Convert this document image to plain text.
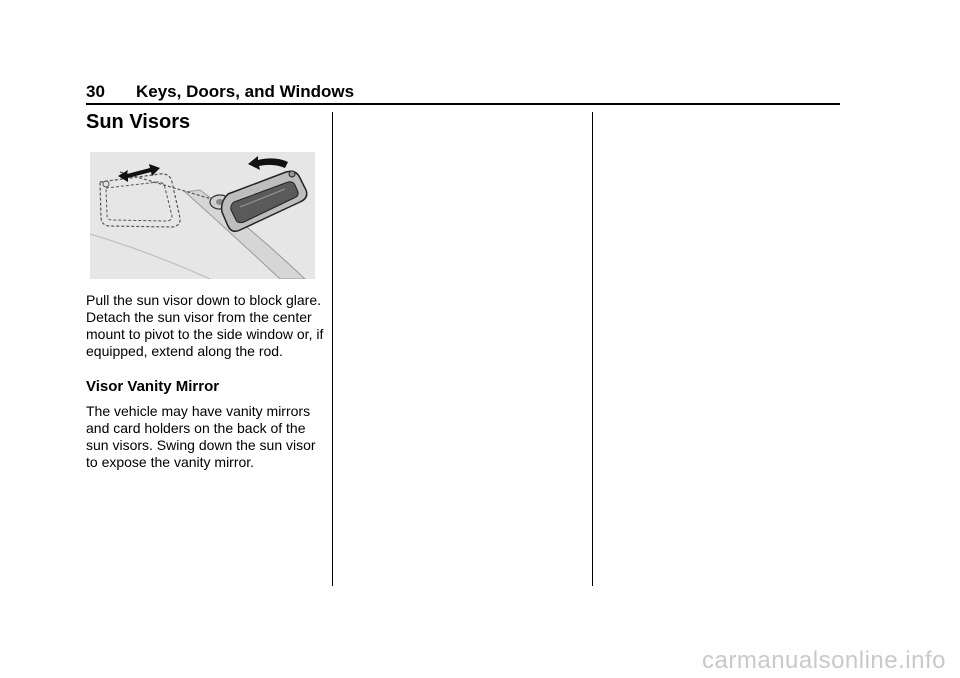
30 Keys, Doors, and Windows
Sun Visors

Pull the sun visor down to block glare. Detach the sun visor from the center mount to pivot to the side window or, if equipped, extend along the rod.

Visor Vanity Mirror

The vehicle may have vanity mirrors and card holders on the back of the sun visors. Swing down the sun visor to expose the vanity mirror.

carmanualsonline.info
